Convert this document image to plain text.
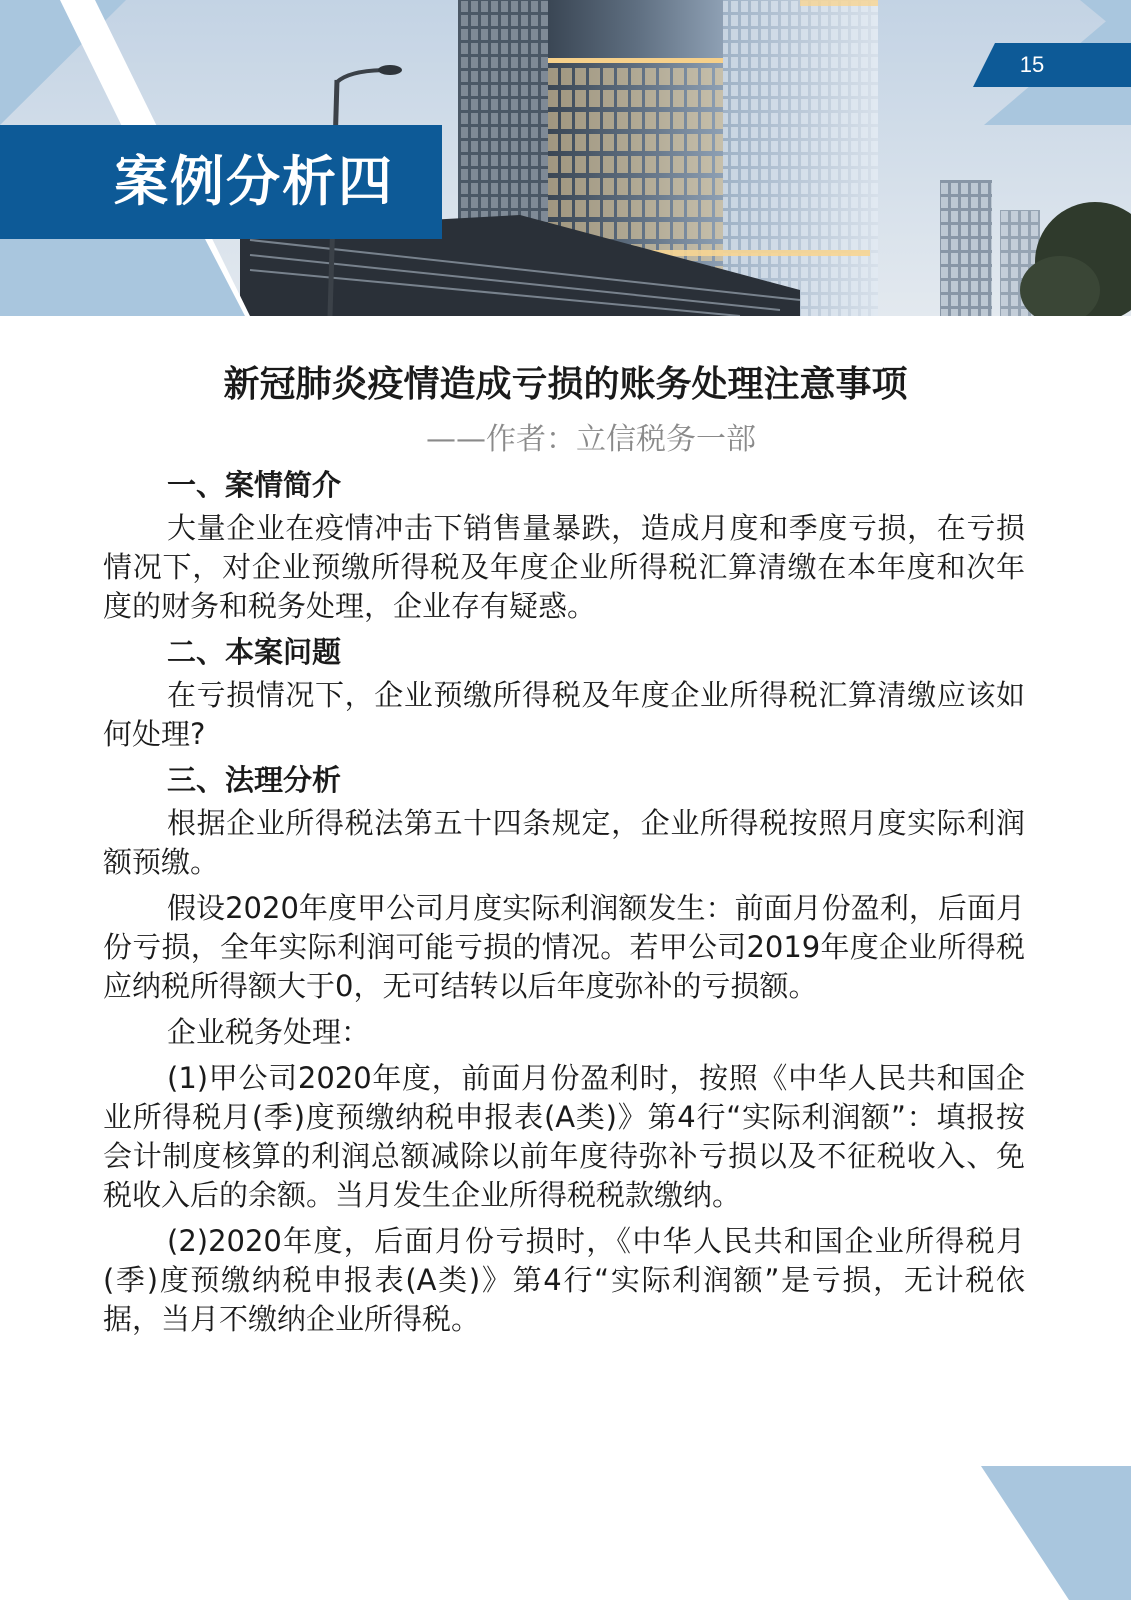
案例分析四
15
新冠肺炎疫情造成亏损的账务处理注意事项
——作者：立信税务一部
一、案情简介

大量企业在疫情冲击下销售量暴跌，造成月度和季度亏损，在亏损情况下，对企业预缴所得税及年度企业所得税汇算清缴在本年度和次年度的财务和税务处理，企业存有疑惑。

二、本案问题

在亏损情况下，企业预缴所得税及年度企业所得税汇算清缴应该如何处理?

三、法理分析

根据企业所得税法第五十四条规定，企业所得税按照月度实际利润额预缴。

假设2020年度甲公司月度实际利润额发生：前面月份盈利，后面月份亏损，全年实际利润可能亏损的情况。若甲公司2019年度企业所得税应纳税所得额大于0，无可结转以后年度弥补的亏损额。

企业税务处理：

(1)甲公司2020年度，前面月份盈利时，按照《中华人民共和国企业所得税月(季)度预缴纳税申报表(A类)》第4行“实际利润额”：填报按会计制度核算的利润总额减除以前年度待弥补亏损以及不征税收入、免税收入后的余额。当月发生企业所得税税款缴纳。

(2)2020年度，后面月份亏损时，《中华人民共和国企业所得税月(季)度预缴纳税申报表(A类)》第4行“实际利润额”是亏损，无计税依据，当月不缴纳企业所得税。
